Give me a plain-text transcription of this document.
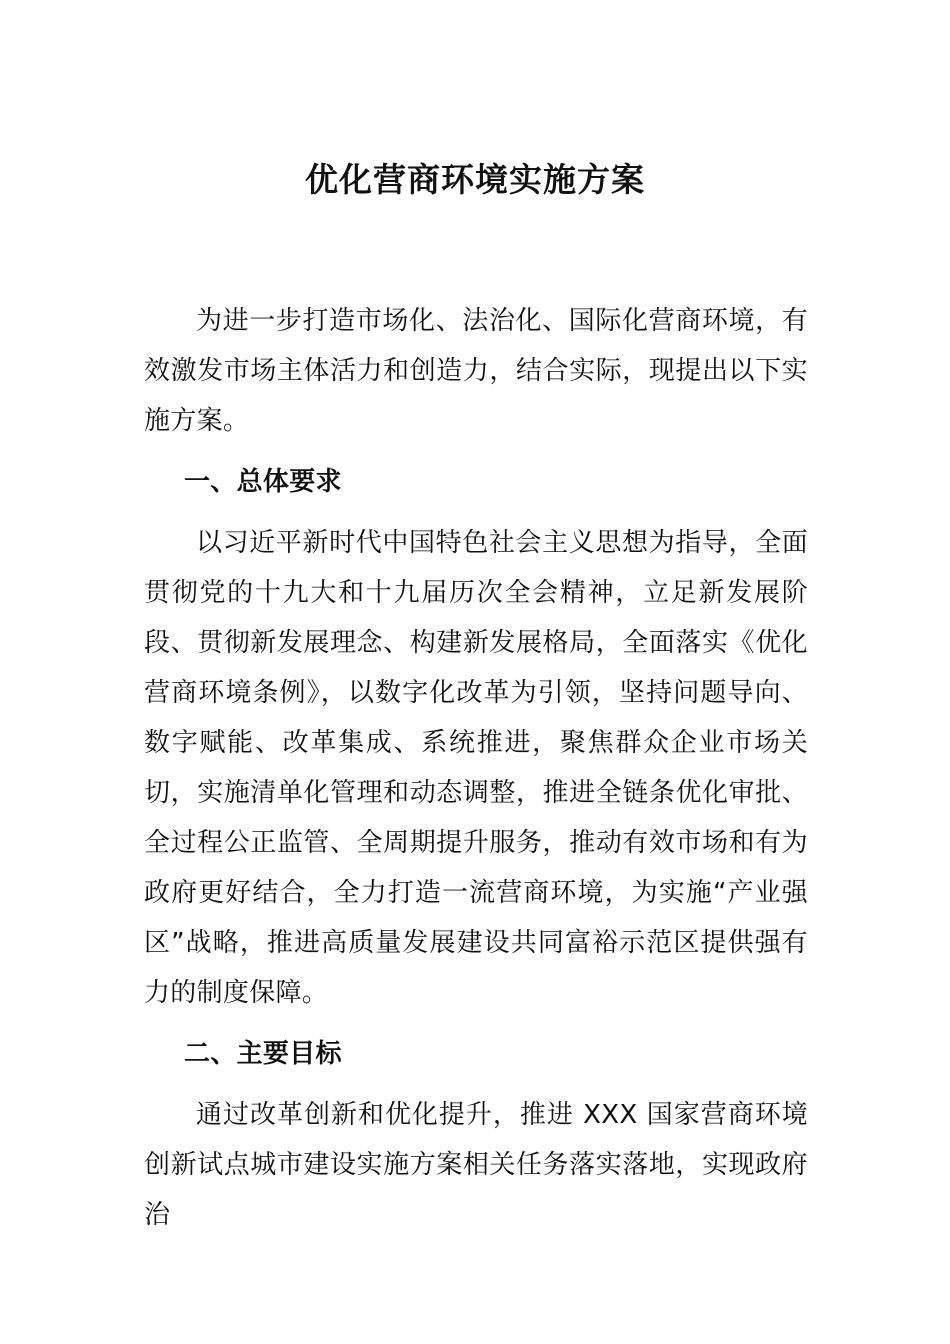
优化营商环境实施方案

为进一步打造市场化、法治化、国际化营商环境，有效激发市场主体活力和创造力，结合实际，现提出以下实施方案。

一、总体要求

以习近平新时代中国特色社会主义思想为指导，全面贯彻党的十九大和十九届历次全会精神，立足新发展阶段、贯彻新发展理念、构建新发展格局，全面落实《优化营商环境条例》，以数字化改革为引领，坚持问题导向、数字赋能、改革集成、系统推进，聚焦群众企业市场关切，实施清单化管理和动态调整，推进全链条优化审批、全过程公正监管、全周期提升服务，推动有效市场和有为政府更好结合，全力打造一流营商环境，为实施“产业强区”战略，推进高质量发展建设共同富裕示范区提供强有力的制度保障。

二、主要目标

通过改革创新和优化提升，推进 XXX 国家营商环境创新试点城市建设实施方案相关任务落实落地，实现政府治
